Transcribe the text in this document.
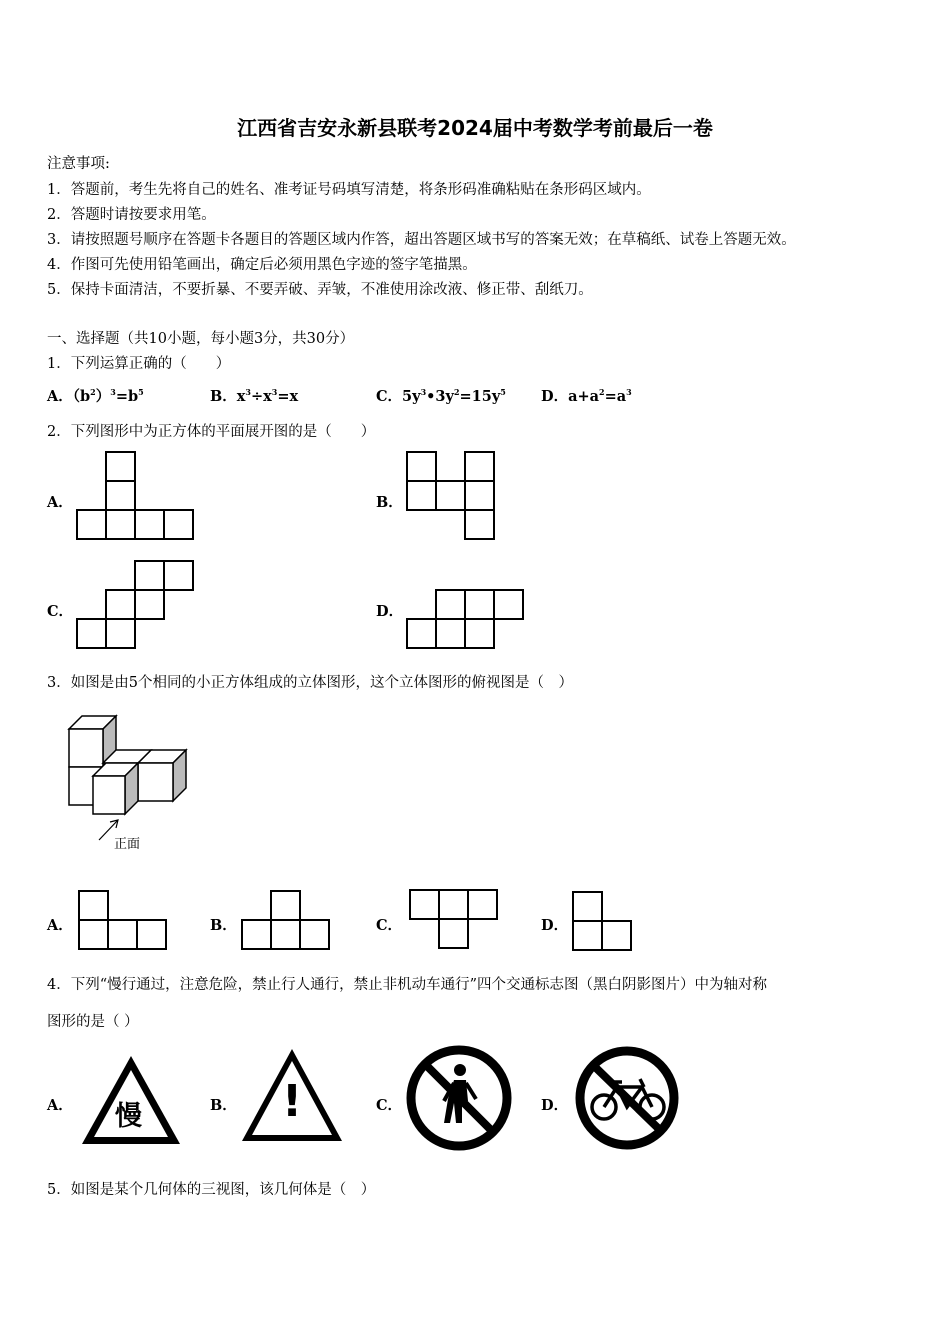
江西省吉安永新县联考2024届中考数学考前最后一卷
注意事项:
1．答题前，考生先将自己的姓名、准考证号码填写清楚，将条形码准确粘贴在条形码区域内。
2．答题时请按要求用笔。
3．请按照题号顺序在答题卡各题目的答题区域内作答，超出答题区域书写的答案无效；在草稿纸、试卷上答题无效。
4．作图可先使用铅笔画出，确定后必须用黑色字迹的签字笔描黑。
5．保持卡面清洁，不要折暴、不要弄破、弄皱，不准使用涂改液、修正带、刮纸刀。
一、选择题（共10小题，每小题3分，共30分）
1．下列运算正确的（　　）
A．$(b^2)^3=b^5$	B．$x^3\div x^3=x$	C．$5y^3•3y^2=15y^5$ D．$a+a^2=a^3$
2．下列图形中为正方体的平面展开图的是（　　）
A．	B．
C．	D．
3．如图是由5个相同的小正方体组成的立体图形，这个立体图形的俯视图是（　）
正面
A．	B．	C．	D．
4．下列“慢行通过，注意危险，禁止行人通行，禁止非机动车通行”四个交通标志图（黑白阴影图片）中为轴对称
图形的是（ ）
A． 慢	B． !	C．	D．
5．如图是某个几何体的三视图，该几何体是（　）
